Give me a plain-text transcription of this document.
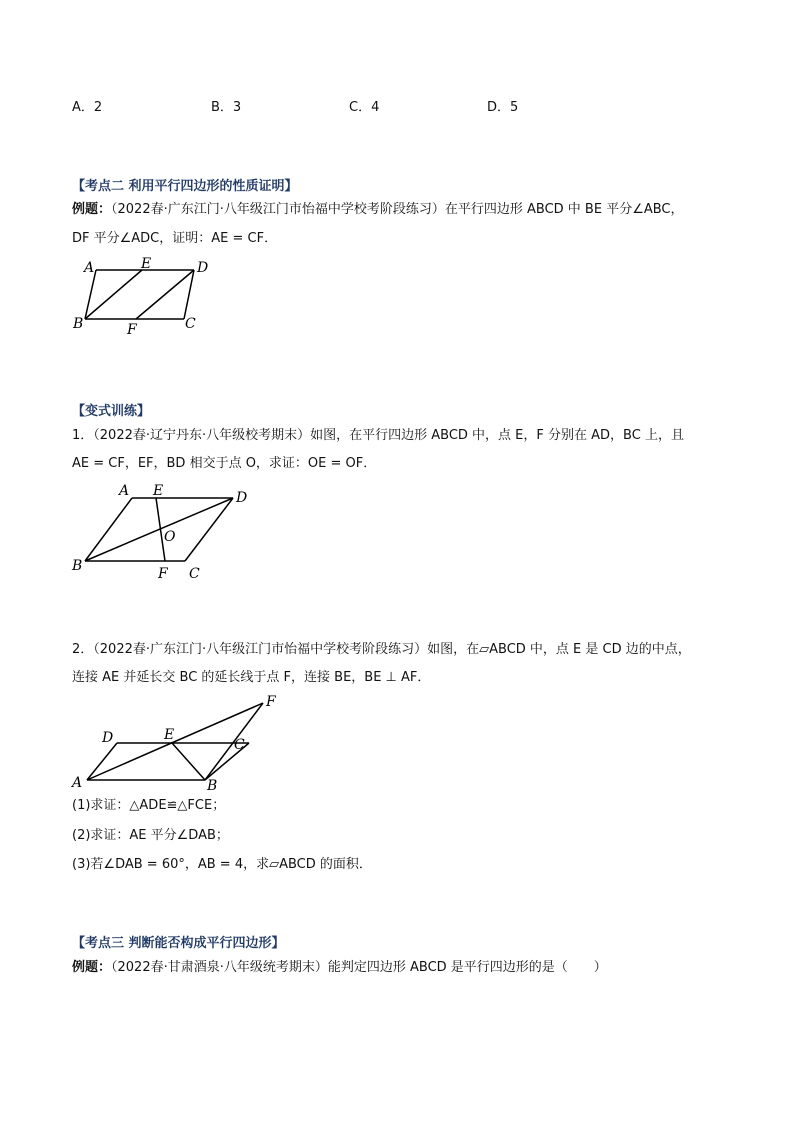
A．2	B．3	C．4	D．5
【考点二 利用平行四边形的性质证明】
例题：（2022春·广东江门·八年级江门市怡福中学校考阶段练习）在平行四边形 ABCD 中 BE 平分∠ABC，
DF 平分∠ADC，证明：AE = CF．
A	E	D
B	F	C
【变式训练】
1．（2022春·辽宁丹东·八年级校考期末）如图，在平行四边形 ABCD 中，点 E，F 分别在 AD，BC 上，且
AE = CF，EF，BD 相交于点 O，求证：OE = OF．
A E	D
O
B	F C
2．（2022春·广东江门·八年级江门市怡福中学校考阶段练习）如图，在▱ABCD 中，点 E 是 CD 边的中点，
连接 AE 并延长交 BC 的延长线于点 F，连接 BE，BE ⊥ AF．
F
D	E
C
A	B
(1)求证：△ADE≌△FCE；
(2)求证：AE 平分∠DAB；
(3)若∠DAB = 60°，AB = 4，求▱ABCD 的面积．
【考点三 判断能否构成平行四边形】
例题：（2022春·甘肃酒泉·八年级统考期末）能判定四边形 ABCD 是平行四边形的是（　　）
